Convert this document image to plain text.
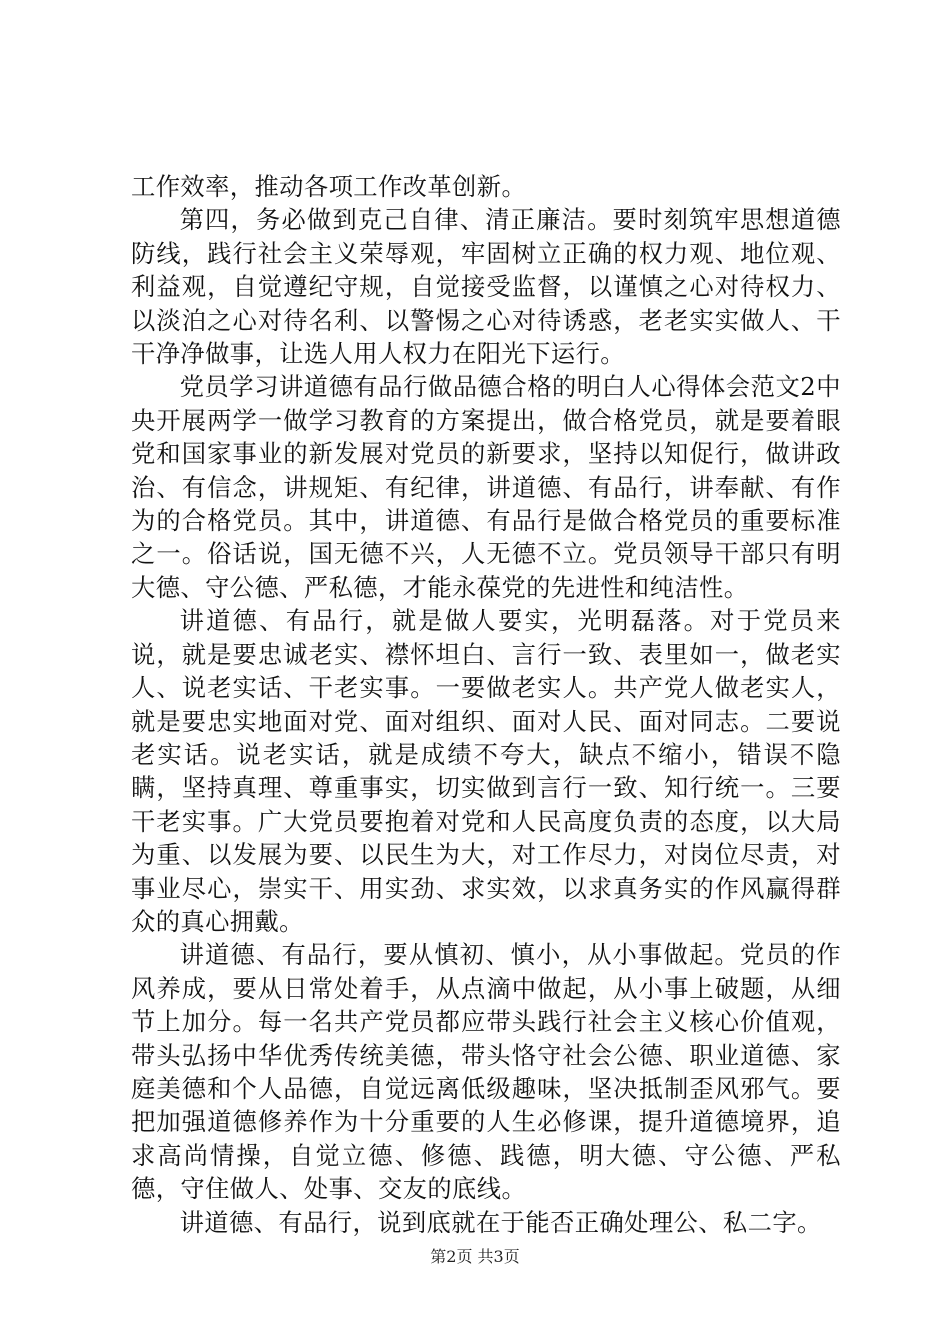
工作效率，推动各项工作改革创新。

第四，务必做到克己自律、清正廉洁。要时刻筑牢思想道德防线，践行社会主义荣辱观，牢固树立正确的权力观、地位观、利益观，自觉遵纪守规，自觉接受监督，以谨慎之心对待权力、以淡泊之心对待名利、以警惕之心对待诱惑，老老实实做人、干干净净做事，让选人用人权力在阳光下运行。

党员学习讲道德有品行做品德合格的明白人心得体会范文2中央开展两学一做学习教育的方案提出，做合格党员，就是要着眼党和国家事业的新发展对党员的新要求，坚持以知促行，做讲政治、有信念，讲规矩、有纪律，讲道德、有品行，讲奉献、有作为的合格党员。其中，讲道德、有品行是做合格党员的重要标准之一。俗话说，国无德不兴，人无德不立。党员领导干部只有明大德、守公德、严私德，才能永葆党的先进性和纯洁性。

讲道德、有品行，就是做人要实，光明磊落。对于党员来说，就是要忠诚老实、襟怀坦白、言行一致、表里如一，做老实人、说老实话、干老实事。一要做老实人。共产党人做老实人，就是要忠实地面对党、面对组织、面对人民、面对同志。二要说老实话。说老实话，就是成绩不夸大，缺点不缩小，错误不隐瞒，坚持真理、尊重事实，切实做到言行一致、知行统一。三要干老实事。广大党员要抱着对党和人民高度负责的态度，以大局为重、以发展为要、以民生为大，对工作尽力，对岗位尽责，对事业尽心，崇实干、用实劲、求实效，以求真务实的作风赢得群众的真心拥戴。

讲道德、有品行，要从慎初、慎小，从小事做起。党员的作风养成，要从日常处着手，从点滴中做起，从小事上破题，从细节上加分。每一名共产党员都应带头践行社会主义核心价值观，带头弘扬中华优秀传统美德，带头恪守社会公德、职业道德、家庭美德和个人品德，自觉远离低级趣味，坚决抵制歪风邪气。要把加强道德修养作为十分重要的人生必修课，提升道德境界，追求高尚情操，自觉立德、修德、践德，明大德、守公德、严私德，守住做人、处事、交友的底线。

讲道德、有品行，说到底就在于能否正确处理公、私二字。

第2页 共3页
